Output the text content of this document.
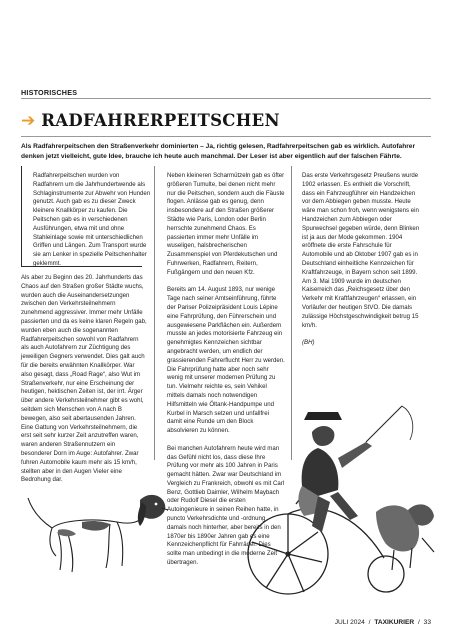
HISTORISCHES
➔ RADFAHRERPEITSCHEN

Als Radfahrerpeitschen den Straßenverkehr dominierten – Ja, richtig gelesen, Radfahrerpeitschen gab es wirklich. Autofahrer denken jetzt vielleicht, gute Idee, brauche ich heute auch manchmal. Der Leser ist aber eigentlich auf der falschen Fährte.

Radfahrerpeitschen wurden von Radfahrern um die Jahrhundertwende als Schlaginstrumente zur Abwehr von Hunden genutzt. Auch gab es zu dieser Zweck kleinere Knallkörper zu kaufen. Die Peitschen gab es in verschiedenen Ausführungen, etwa mit und ohne Stahleinlage sowie mit unterschiedlichen Griffen und Längen. Zum Transport wurde sie am Lenker in spezielle Peitschenhalter geklemmt.
Als aber zu Beginn des 20. Jahrhunderts das Chaos auf den Straßen großer Städte wuchs, wurden auch die Auseinandersetzungen zwischen den Verkehrsteilnehmern zunehmend aggressiver. Immer mehr Unfälle passierten und da es keine klaren Regeln gab, wurden eben auch die sogenannten Radfahrerpeitschen sowohl von Radfahrern als auch Autofahrern zur Züchtigung des jeweiligen Gegners verwendet. Dies galt auch für die bereits erwähnten Knallkörper. War also gesagt, dass „Road Rage“, also Wut im Straßenverkehr, nur eine Erscheinung der heutigen, hektischen Zeiten ist, der irrt. Ärger über andere Verkehrsteilnehmer gibt es wohl, seitdem sich Menschen von A nach B bewegen, also seit abertausenden Jahren. Eine Gattung von Verkehrsteilnehmern, die erst seit sehr kurzer Zeit anzutreffen waren, waren anderen Straßennutzern ein besonderer Dorn im Auge: Autofahrer. Zwar fuhren Automobile kaum mehr als 15 km/h, stellten aber in den Augen Vieler eine Bedrohung dar.

Neben kleineren Scharmützeln gab es öfter größeren Tumulte, bei denen nicht mehr nur die Peitschen, sondern auch die Fäuste flogen. Anlässe gab es genug, denn insbesondere auf den Straßen größerer Städte wie Paris, London oder Berlin herrschte zunehmend Chaos. Es passierten immer mehr Unfälle im wuseligen, halsbrecherischen Zusammenspiel von Pferdekutschen und Fuhrwerken, Radfahrern, Reitern, Fußgängern und den neuen Kfz.

Bereits am 14. August 1893, nur wenige Tage nach seiner Amtseinführung, führte der Pariser Polizeipräsident Louis Lépine eine Fahrprüfung, den Führerschein und ausgewiesene Parkflächen ein. Außerdem musste an jedes motorisierte Fahrzeug ein genehmigtes Kennzeichen sichtbar angebracht werden, um endlich der grassierenden Fahrerflucht Herr zu werden. Die Fahrprüfung hatte aber noch sehr wenig mit unserer modernen Prüfung zu tun. Vielmehr reichte es, sein Vehikel mittels damals noch notwendigen Hilfsmitteln wie Öltank-Handpumpe und Kurbel in Marsch setzen und unfallfrei damit eine Runde um den Block absolvieren zu können.

Bei manchen Autofahrern heute wird man das Gefühl nicht los, dass diese Ihre Prüfung vor mehr als 100 Jahren in Paris gemacht hätten. Zwar war Deutschland im Vergleich zu Frankreich, obwohl es mit Carl Benz, Gottlieb Daimler, Wilhelm Maybach oder Rudolf Diesel die ersten Autoingenieure in seinen Reihen hatte, in puncto Verkehrsdichte und -ordnung damals noch hinterher, aber bereits in den 1870er bis 1890er Jahren gab es eine Kennzeichenpflicht für Fahrräder. Dies sollte man unbedingt in die moderne Zeit übertragen.

Das erste Verkehrsgesetz Preußens wurde 1902 erlassen. Es enthielt die Vorschrift, dass ein Fahrzeugführer ein Handzeichen vor dem Abbiegen geben musste. Heute wäre man schon froh, wenn wenigstens ein Handzeichen zum Abbiegen oder Spurwechsel gegeben würde, denn Blinken ist ja aus der Mode gekommen. 1904 eröffnete die erste Fahrschule für Automobile und ab Oktober 1907 gab es in Deutschland einheitliche Kennzeichen für Kraftfahrzeuge, in Bayern schon seit 1899. Am 3. Mai 1909 wurde im deutschen Kaiserreich das „Reichsgesetz über den Verkehr mit Kraftfahrzeugen“ erlassen, ein Vorläufer der heutigen StVO. Die damals zulässige Höchstgeschwindigkeit betrug 15 km/h.

(BH)

JULI 2024 / TAXIKURIER / 33
